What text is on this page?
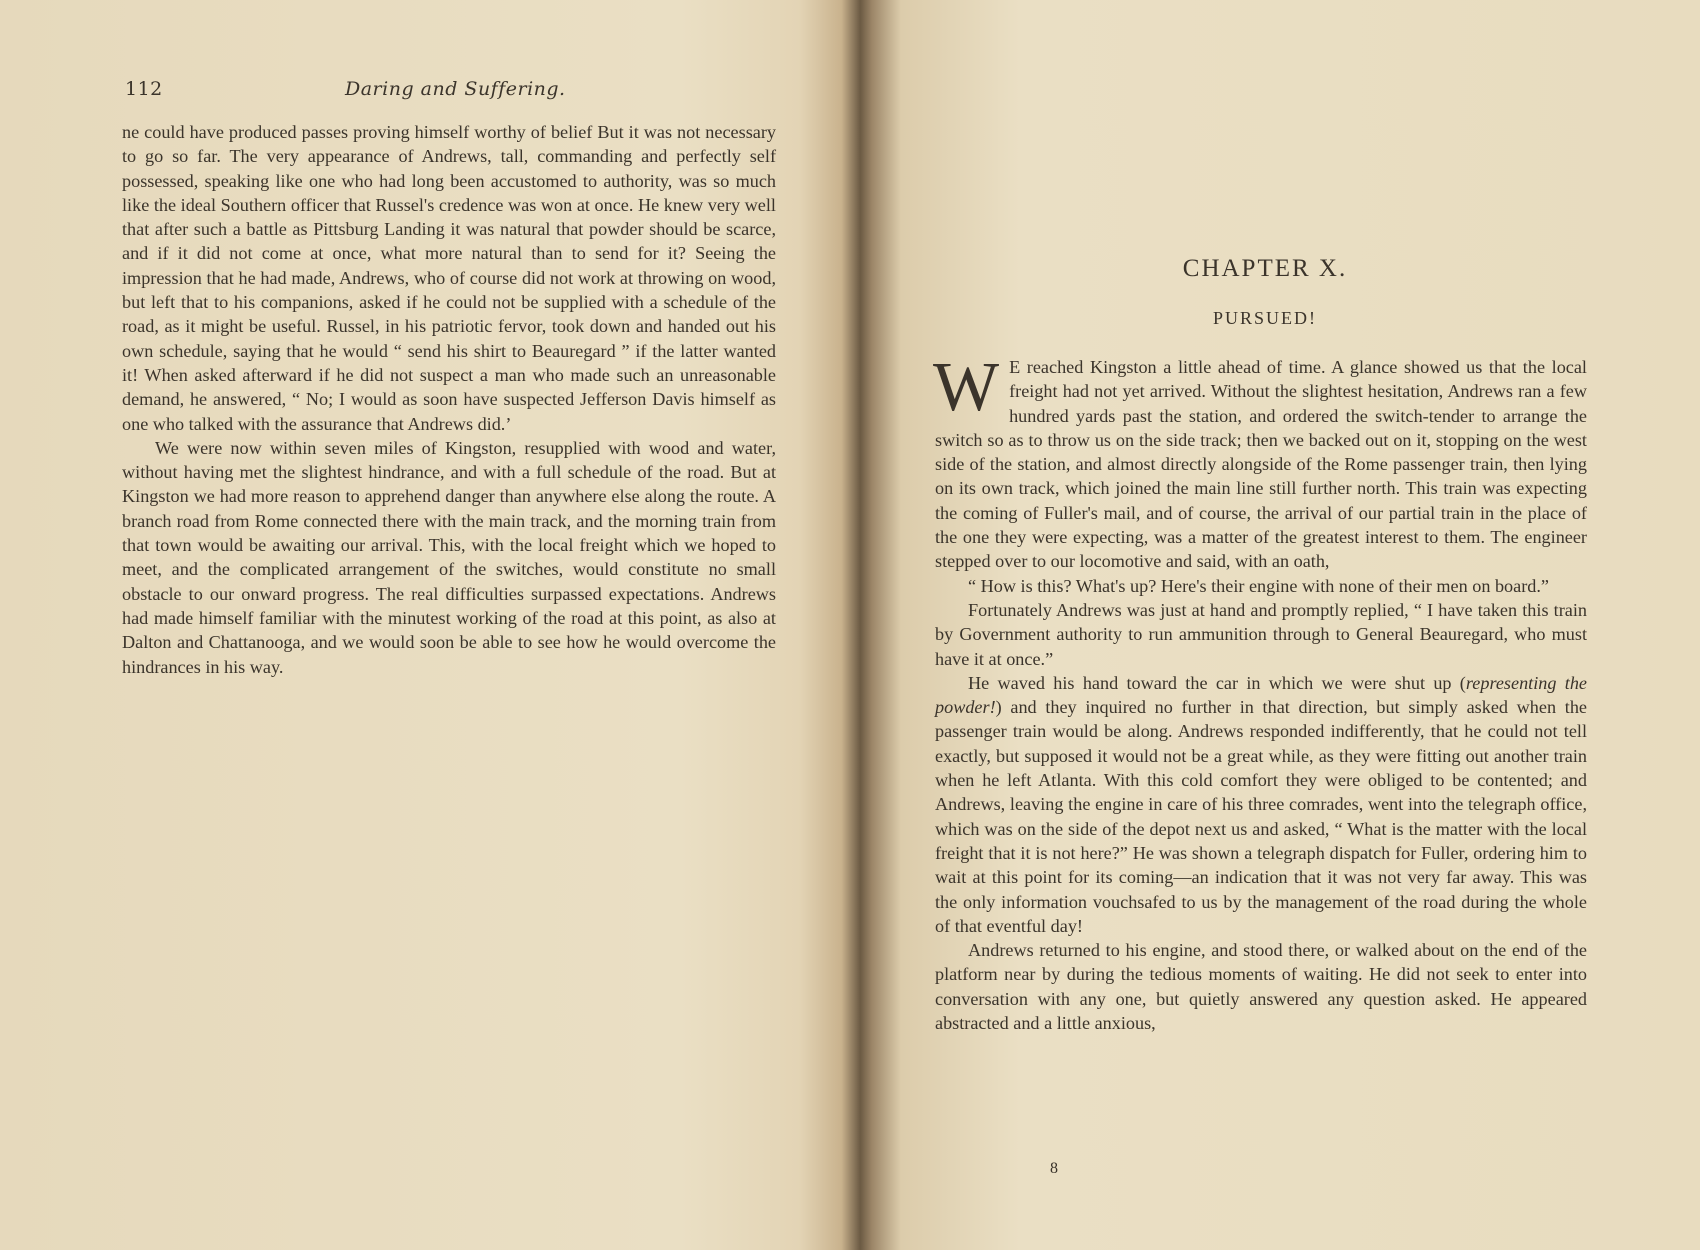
112	Daring and Suffering.

ne could have produced passes proving himself worthy of belief But it was not necessary to go so far. The very appearance of Andrews, tall, commanding and perfectly self possessed, speaking like one who had long been accustomed to authority, was so much like the ideal Southern officer that Russel's credence was won at once. He knew very well that after such a battle as Pittsburg Landing it was natural that powder should be scarce, and if it did not come at once, what more natural than to send for it? Seeing the impression that he had made, Andrews, who of course did not work at throwing on wood, but left that to his companions, asked if he could not be supplied with a schedule of the road, as it might be useful. Russel, in his patriotic fervor, took down and handed out his own schedule, saying that he would “ send his shirt to Beauregard ” if the latter wanted it! When asked afterward if he did not suspect a man who made such an unreasonable demand, he answered, “ No; I would as soon have suspected Jefferson Davis himself as one who talked with the assurance that Andrews did.’

We were now within seven miles of Kingston, resupplied with wood and water, without having met the slightest hindrance, and with a full schedule of the road. But at Kingston we had more reason to apprehend danger than anywhere else along the route. A branch road from Rome connected there with the main track, and the morning train from that town would be awaiting our arrival. This, with the local freight which we hoped to meet, and the complicated arrangement of the switches, would constitute no small obstacle to our onward progress. The real difficulties surpassed expectations. Andrews had made himself familiar with the minutest working of the road at this point, as also at Dalton and Chattanooga, and we would soon be able to see how he would overcome the hindrances in his way.

CHAPTER X.
PURSUED!

W E reached Kingston a little ahead of time. A glance showed us that the local freight had not yet arrived. Without the slightest hesitation, Andrews ran a few hundred yards past the station, and ordered the switch-tender to arrange the switch so as to throw us on the side track; then we backed out on it, stopping on the west side of the station, and almost directly alongside of the Rome passenger train, then lying on its own track, which joined the main line still further north. This train was expecting the coming of Fuller's mail, and of course, the arrival of our partial train in the place of the one they were expecting, was a matter of the greatest interest to them. The engineer stepped over to our locomotive and said, with an oath,

“ How is this? What's up? Here's their engine with none of their men on board.”

Fortunately Andrews was just at hand and promptly replied, “ I have taken this train by Government authority to run ammunition through to General Beauregard, who must have it at once.”

He waved his hand toward the car in which we were shut up (representing the powder!) and they inquired no further in that direction, but simply asked when the passenger train would be along. Andrews responded indifferently, that he could not tell exactly, but supposed it would not be a great while, as they were fitting out another train when he left Atlanta. With this cold comfort they were obliged to be contented; and Andrews, leaving the engine in care of his three comrades, went into the telegraph office, which was on the side of the depot next us and asked, “ What is the matter with the local freight that it is not here?” He was shown a telegraph dispatch for Fuller, ordering him to wait at this point for its coming—an indication that it was not very far away. This was the only information vouchsafed to us by the management of the road during the whole of that eventful day!

Andrews returned to his engine, and stood there, or walked about on the end of the platform near by during the tedious moments of waiting. He did not seek to enter into conversation with any one, but quietly answered any question asked. He appeared abstracted and a little anxious,

8
